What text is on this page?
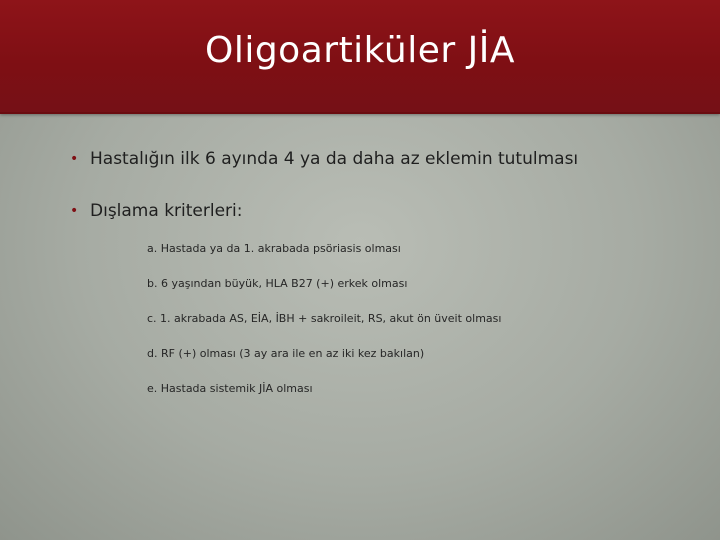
Oligoartiküler JİA
• Hastalığın ilk 6 ayında 4 ya da daha az eklemin tutulması
• Dışlama kriterleri:
a. Hastada ya da 1. akrabada psöriasis olması
b. 6 yaşından büyük, HLA B27 (+) erkek olması
c. 1. akrabada AS, EİA, İBH + sakroileit, RS, akut ön üveit olması
d. RF (+) olması (3 ay ara ile en az iki kez bakılan)
e. Hastada sistemik JİA olması
